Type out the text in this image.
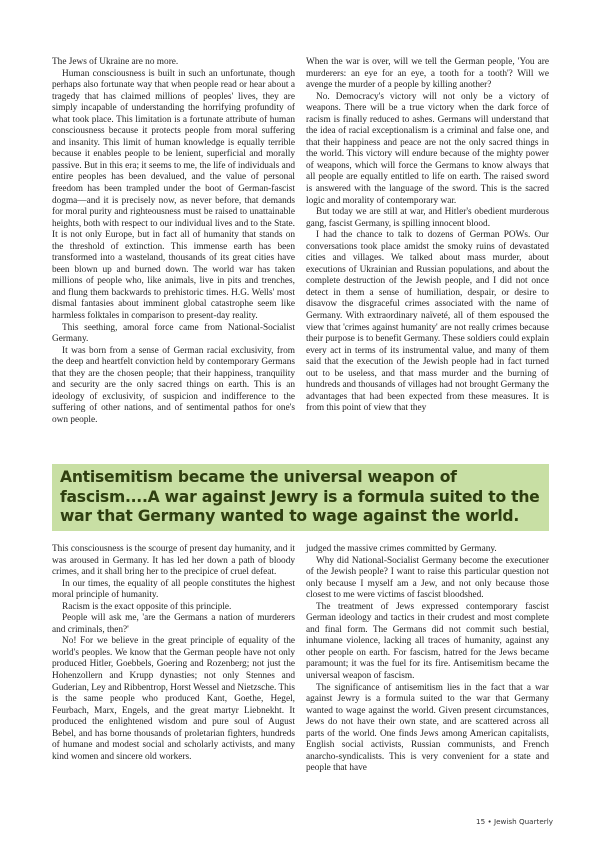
The Jews of Ukraine are no more.

Human consciousness is built in such an unfortunate, though perhaps also fortunate way that when people read or hear about a tragedy that has claimed millions of peoples' lives, they are simply incapable of understanding the horrifying profundity of what took place. This limitation is a fortunate attribute of human consciousness because it protects people from moral suffering and insanity. This limit of human knowledge is equally terrible because it enables people to be lenient, superficial and morally passive. But in this era; it seems to me, the life of individuals and entire peoples has been devalued, and the value of personal freedom has been trampled under the boot of German-fascist dogma—and it is precisely now, as never before, that demands for moral purity and righteousness must be raised to unattainable heights, both with respect to our individual lives and to the State. It is not only Europe, but in fact all of humanity that stands on the threshold of extinction. This immense earth has been transformed into a wasteland, thousands of its great cities have been blown up and burned down. The world war has taken millions of people who, like animals, live in pits and trenches, and flung them backwards to prehistoric times. H.G. Wells' most dismal fantasies about imminent global catastrophe seem like harmless folktales in comparison to present-day reality.

This seething, amoral force came from National-Socialist Germany.

It was born from a sense of German racial exclusivity, from the deep and heartfelt conviction held by contemporary Germans that they are the chosen people; that their happiness, tranquility and security are the only sacred things on earth. This is an ideology of exclusivity, of suspicion and indifference to the suffering of other nations, and of sentimental pathos for one's own people.

When the war is over, will we tell the German people, 'You are murderers: an eye for an eye, a tooth for a tooth'? Will we avenge the murder of a people by killing another?

No. Democracy's victory will not only be a victory of weapons. There will be a true victory when the dark force of racism is finally reduced to ashes. Germans will understand that the idea of racial exceptionalism is a criminal and false one, and that their happiness and peace are not the only sacred things in the world. This victory will endure because of the mighty power of weapons, which will force the Germans to know always that all people are equally entitled to life on earth. The raised sword is answered with the language of the sword. This is the sacred logic and morality of contemporary war.

But today we are still at war, and Hitler's obedient murderous gang, fascist Germany, is spilling innocent blood.

I had the chance to talk to dozens of German POWs. Our conversations took place amidst the smoky ruins of devastated cities and villages. We talked about mass murder, about executions of Ukrainian and Russian populations, and about the complete destruction of the Jewish people, and I did not once detect in them a sense of humiliation, despair, or desire to disavow the disgraceful crimes associated with the name of Germany. With extraordinary naïveté, all of them espoused the view that 'crimes against humanity' are not really crimes because their purpose is to benefit Germany. These soldiers could explain every act in terms of its instrumental value, and many of them said that the execution of the Jewish people had in fact turned out to be useless, and that mass murder and the burning of hundreds and thousands of villages had not brought Germany the advantages that had been expected from these measures. It is from this point of view that they

Antisemitism became the universal weapon of fascism....A war against Jewry is a formula suited to the war that Germany wanted to wage against the world.

This consciousness is the scourge of present day humanity, and it was aroused in Germany. It has led her down a path of bloody crimes, and it shall bring her to the precipice of cruel defeat.

In our times, the equality of all people constitutes the highest moral principle of humanity.

Racism is the exact opposite of this principle.

People will ask me, 'are the Germans a nation of murderers and criminals, then?'

No! For we believe in the great principle of equality of the world's peoples. We know that the German people have not only produced Hitler, Goebbels, Goering and Rozenberg; not just the Hohenzollern and Krupp dynasties; not only Stennes and Guderian, Ley and Ribbentrop, Horst Wessel and Nietzsche. This is the same people who produced Kant, Goethe, Hegel, Feurbach, Marx, Engels, and the great martyr Liebnekht. It produced the enlightened wisdom and pure soul of August Bebel, and has borne thousands of proletarian fighters, hundreds of humane and modest social and scholarly activists, and many kind women and sincere old workers.

judged the massive crimes committed by Germany.

Why did National-Socialist Germany become the executioner of the Jewish people? I want to raise this particular question not only because I myself am a Jew, and not only because those closest to me were victims of fascist bloodshed.

The treatment of Jews expressed contemporary fascist German ideology and tactics in their crudest and most complete and final form. The Germans did not commit such bestial, inhumane violence, lacking all traces of humanity, against any other people on earth. For fascism, hatred for the Jews became paramount; it was the fuel for its fire. Antisemitism became the universal weapon of fascism.

The significance of antisemitism lies in the fact that a war against Jewry is a formula suited to the war that Germany wanted to wage against the world. Given present circumstances, Jews do not have their own state, and are scattered across all parts of the world. One finds Jews among American capitalists, English social activists, Russian communists, and French anarcho-syndicalists. This is very convenient for a state and people that have

15 • Jewish Quarterly
